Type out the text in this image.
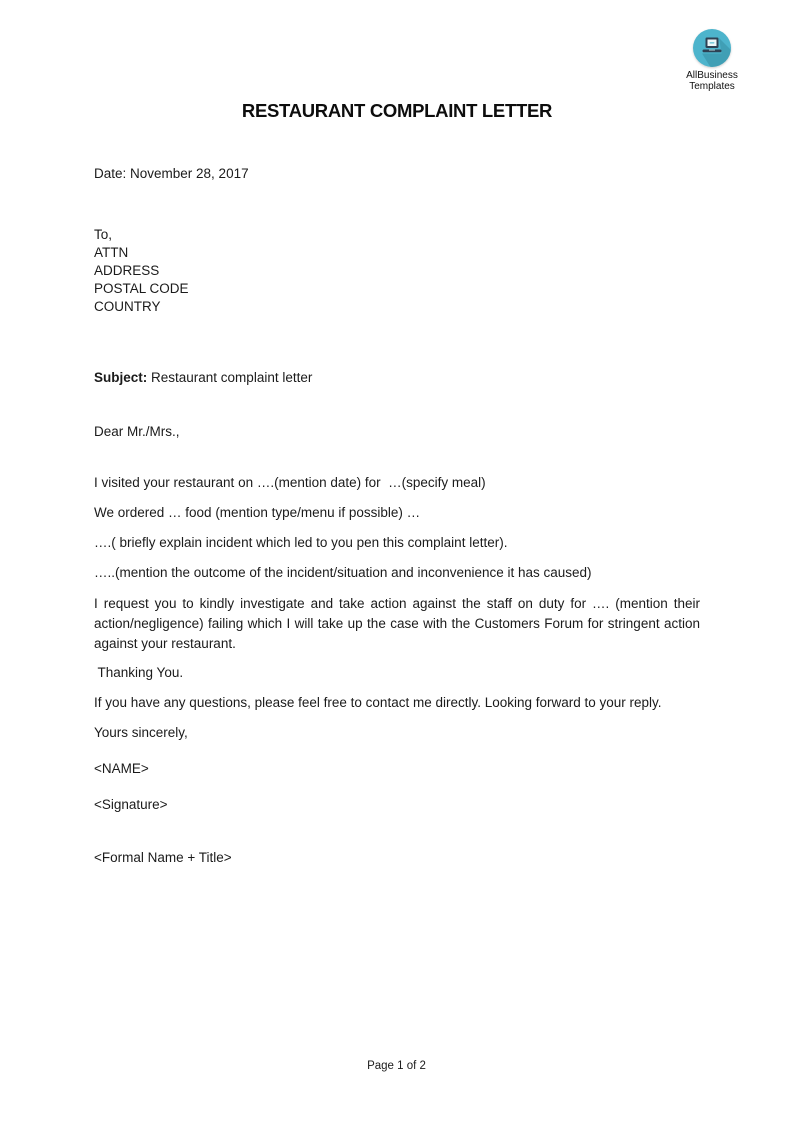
AllBusiness
Templates
RESTAURANT COMPLAINT LETTER

Date: November 28, 2017

To,
ATTN
ADDRESS
POSTAL CODE
COUNTRY

Subject: Restaurant complaint letter

Dear Mr./Mrs.,

I visited your restaurant on ….(mention date) for  …(specify meal)

We ordered … food (mention type/menu if possible) …

….( briefly explain incident which led to you pen this complaint letter).

…..(mention the outcome of the incident/situation and inconvenience it has caused)

I request you to kindly investigate and take action against the staff on duty for …. (mention their action/negligence) failing which I will take up the case with the Customers Forum for stringent action against your restaurant.

Thanking You.

If you have any questions, please feel free to contact me directly. Looking forward to your reply.

Yours sincerely,

<NAME>

<Signature>

<Formal Name + Title>

Page 1 of 2
